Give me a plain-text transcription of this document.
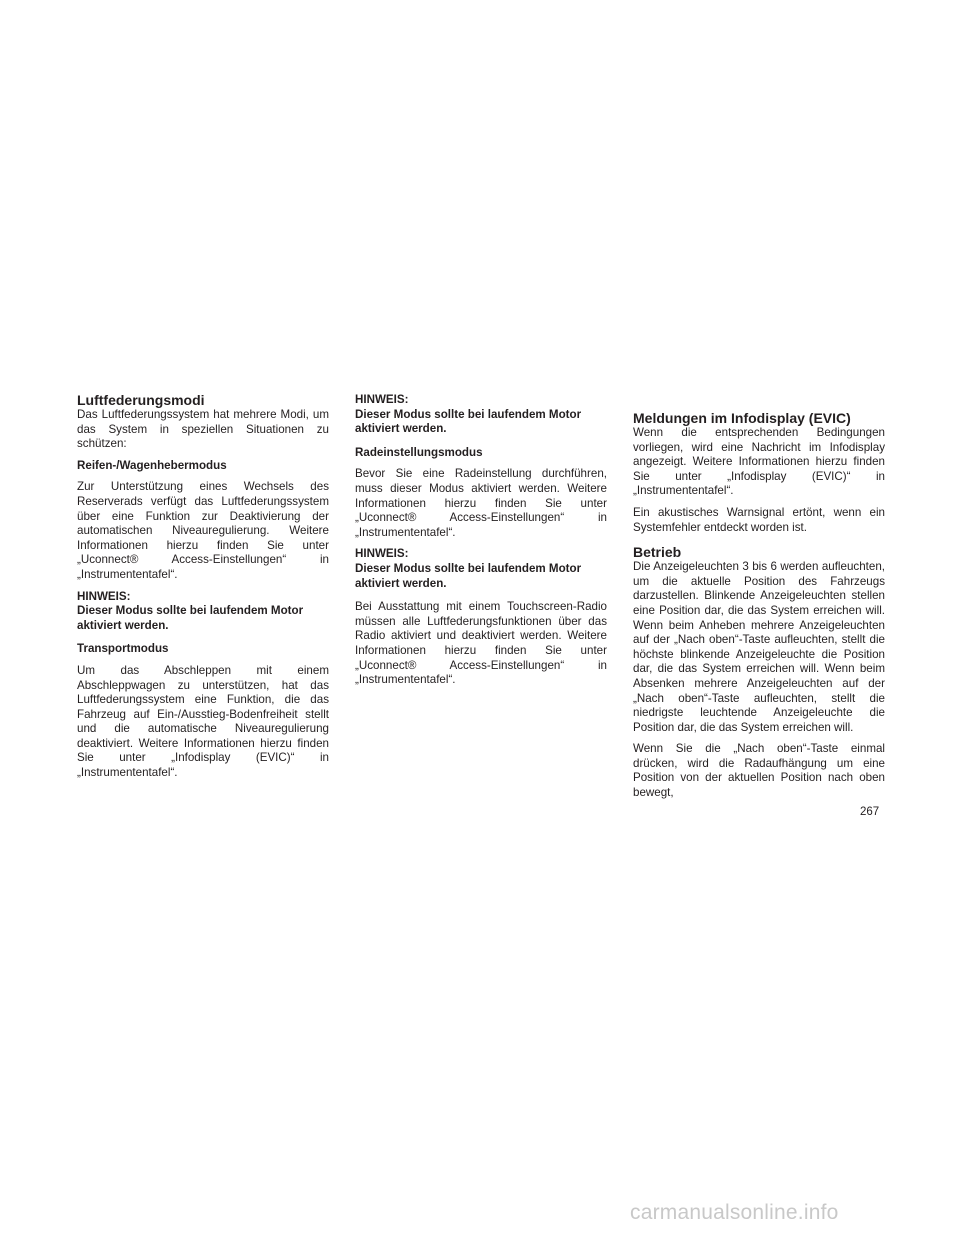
Luftfederungsmodi

Das Luftfederungssystem hat mehrere Modi, um das System in speziellen Situationen zu schützen:

Reifen-/Wagenhebermodus

Zur Unterstützung eines Wechsels des Reserverads verfügt das Luftfederungssystem über eine Funktion zur Deaktivierung der automatischen Niveauregulierung. Weitere Informationen hierzu finden Sie unter „Uconnect® Access-Einstellungen“ in „Instrumententafel“.

HINWEIS:
Dieser Modus sollte bei laufendem Motor aktiviert werden.
Transportmodus

Um das Abschleppen mit einem Abschleppwagen zu unterstützen, hat das Luftfederungssystem eine Funktion, die das Fahrzeug auf Ein-/Ausstieg-Bodenfreiheit stellt und die automatische Niveauregulierung deaktiviert. Weitere Informationen hierzu finden Sie unter „Infodisplay (EVIC)“ in „Instrumententafel“.

HINWEIS:
Dieser Modus sollte bei laufendem Motor aktiviert werden.
Radeinstellungsmodus

Bevor Sie eine Radeinstellung durchführen, muss dieser Modus aktiviert werden. Weitere Informationen hierzu finden Sie unter „Uconnect® Access-Einstellungen“ in „Instrumententafel“.

HINWEIS:
Dieser Modus sollte bei laufendem Motor aktiviert werden.

Bei Ausstattung mit einem Touchscreen-Radio müssen alle Luftfederungsfunktionen über das Radio aktiviert und deaktiviert werden. Weitere Informationen hierzu finden Sie unter „Uconnect® Access-Einstellungen“ in „Instrumententafel“.

Meldungen im Infodisplay (EVIC)

Wenn die entsprechenden Bedingungen vorliegen, wird eine Nachricht im Infodisplay angezeigt. Weitere Informationen hierzu finden Sie unter „Infodisplay (EVIC)“ in „Instrumententafel“.

Ein akustisches Warnsignal ertönt, wenn ein Systemfehler entdeckt worden ist.

Betrieb

Die Anzeigeleuchten 3 bis 6 werden aufleuchten, um die aktuelle Position des Fahrzeugs darzustellen. Blinkende Anzeigeleuchten stellen eine Position dar, die das System erreichen will. Wenn beim Anheben mehrere Anzeigeleuchten auf der „Nach oben“-Taste aufleuchten, stellt die höchste blinkende Anzeigeleuchte die Position dar, die das System erreichen will. Wenn beim Absenken mehrere Anzeigeleuchten auf der „Nach oben“-Taste aufleuchten, stellt die niedrigste leuchtende Anzeigeleuchte die Position dar, die das System erreichen will.

Wenn Sie die „Nach oben“-Taste einmal drücken, wird die Radaufhängung um eine Position von der aktuellen Position nach oben bewegt,

267
carmanualsonline.info
